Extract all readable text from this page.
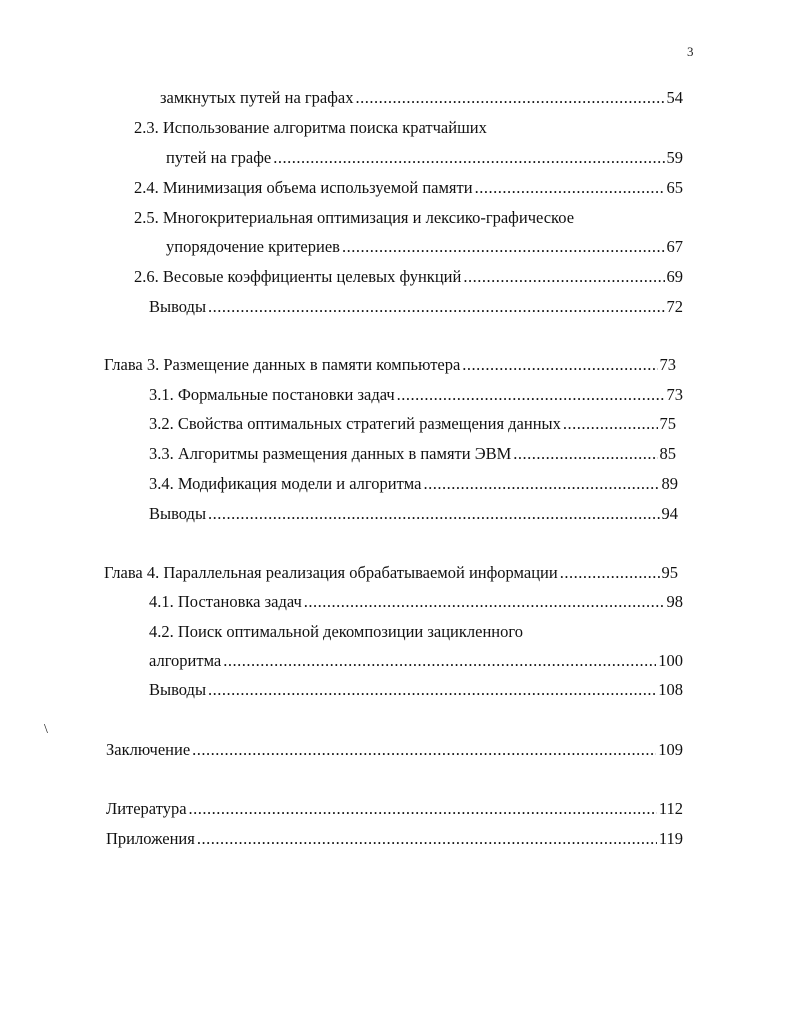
3
замкнутых путей на графах .....	54
2.3. Использование алгоритма поиска кратчайших
путей на графе .....	59
2.4. Минимизация объема используемой памяти .....	65
2.5. Многокритериальная оптимизация и лексико-графическое
упорядочение критериев .....	67
2.6. Весовые коэффициенты целевых функций .....	69
Выводы .....	72
Глава 3. Размещение данных в памяти компьютера .....	73
3.1. Формальные постановки задач .....	73
3.2. Свойства оптимальных стратегий размещения данных .....	75
3.3. Алгоритмы размещения данных в памяти ЭВМ .....	85
3.4. Модификация модели и алгоритма .....	89
Выводы .....	94
Глава 4. Параллельная реализация обрабатываемой информации .....	95
4.1. Постановка задач .....	98
4.2. Поиск оптимальной декомпозиции зацикленного
алгоритма .....	100
Выводы .....	108
\
Заключение .....	109
Литература .....	112
Приложения .....	119
